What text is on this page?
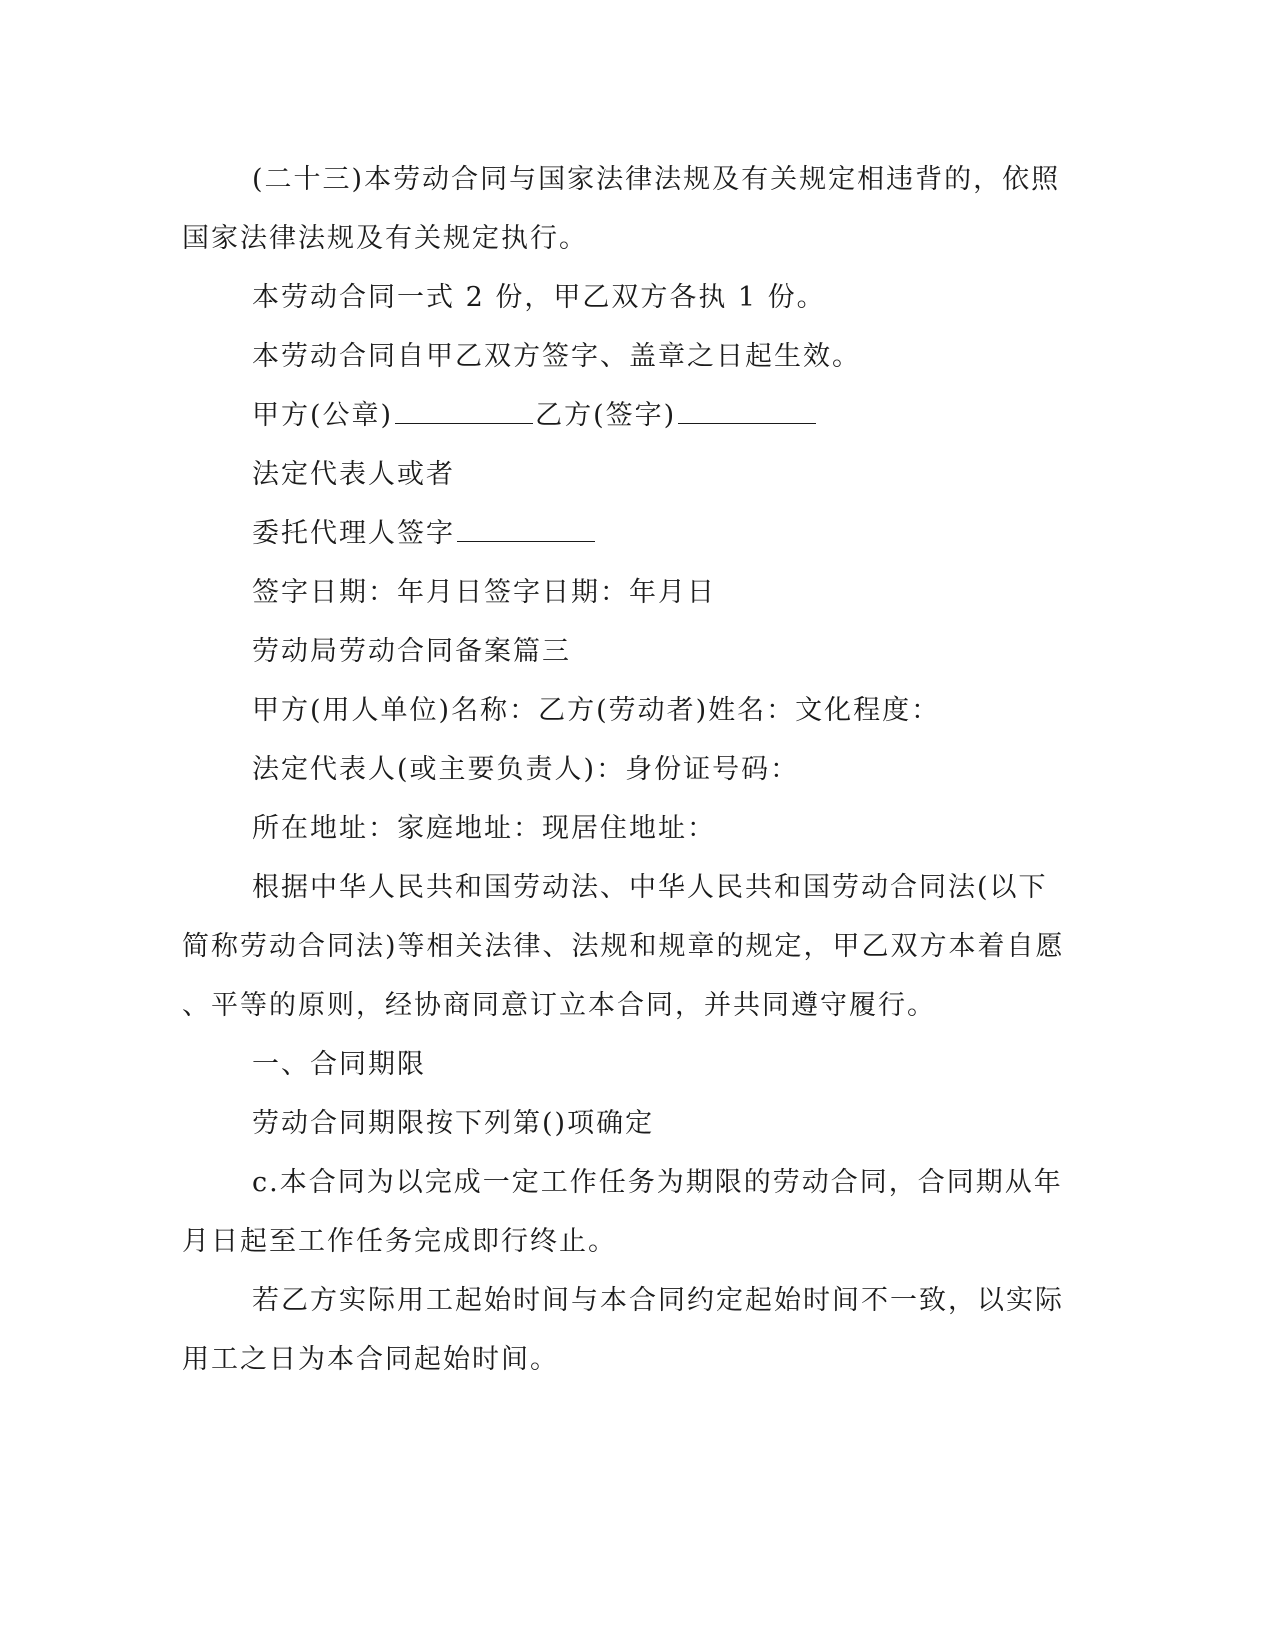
(二十三)本劳动合同与国家法律法规及有关规定相违背的，依照
国家法律法规及有关规定执行。
本劳动合同一式 2 份，甲乙双方各执 1 份。
本劳动合同自甲乙双方签字、盖章之日起生效。
甲方(公章)	乙方(签字)
法定代表人或者
委托代理人签字
签字日期：年月日签字日期：年月日
劳动局劳动合同备案篇三
甲方(用人单位)名称：乙方(劳动者)姓名：文化程度：
法定代表人(或主要负责人)：身份证号码：
所在地址：家庭地址：现居住地址：
根据中华人民共和国劳动法、中华人民共和国劳动合同法(以下
简称劳动合同法)等相关法律、法规和规章的规定，甲乙双方本着自愿
、平等的原则，经协商同意订立本合同，并共同遵守履行。
一、合同期限
劳动合同期限按下列第()项确定
c.本合同为以完成一定工作任务为期限的劳动合同，合同期从年
月日起至工作任务完成即行终止。
若乙方实际用工起始时间与本合同约定起始时间不一致，以实际
用工之日为本合同起始时间。
